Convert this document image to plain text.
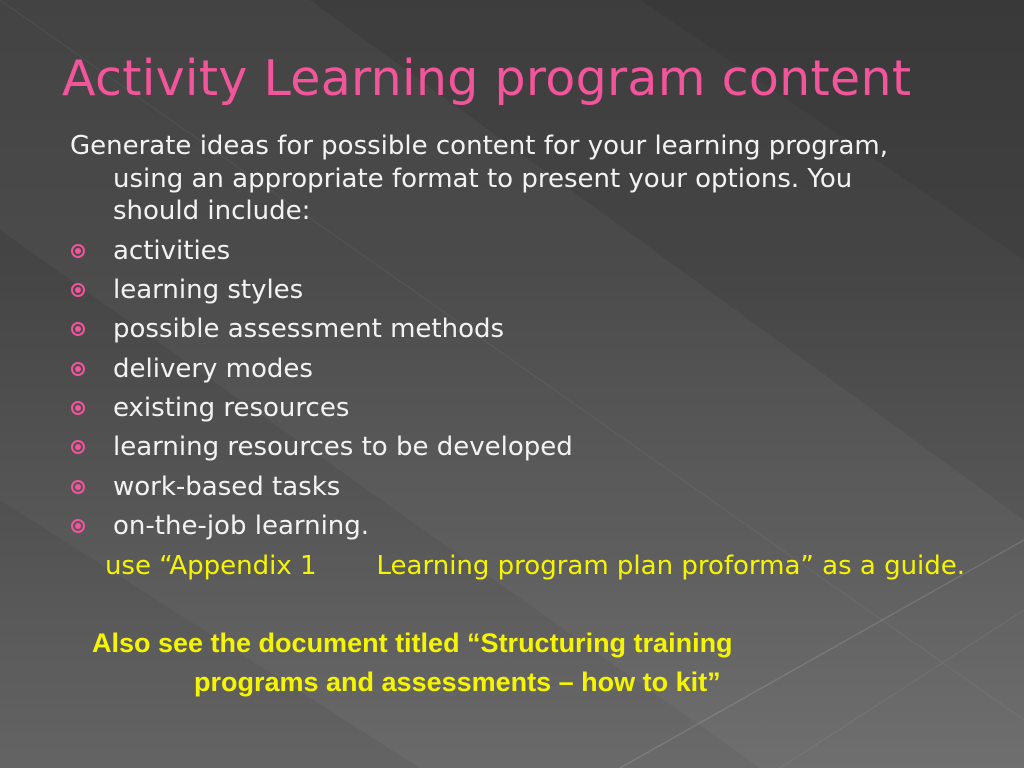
Activity Learning program content

Generate ideas for possible content for your learning program, using an appropriate format to present your options. You should include:

activities
learning styles
possible assessment methods
delivery modes
existing resources
learning resources to be developed
work-based tasks
on-the-job learning.
use “Appendix 1 Learning program plan proforma” as a guide.
Also see the document titled “Structuring training
programs and assessments – how to kit”
